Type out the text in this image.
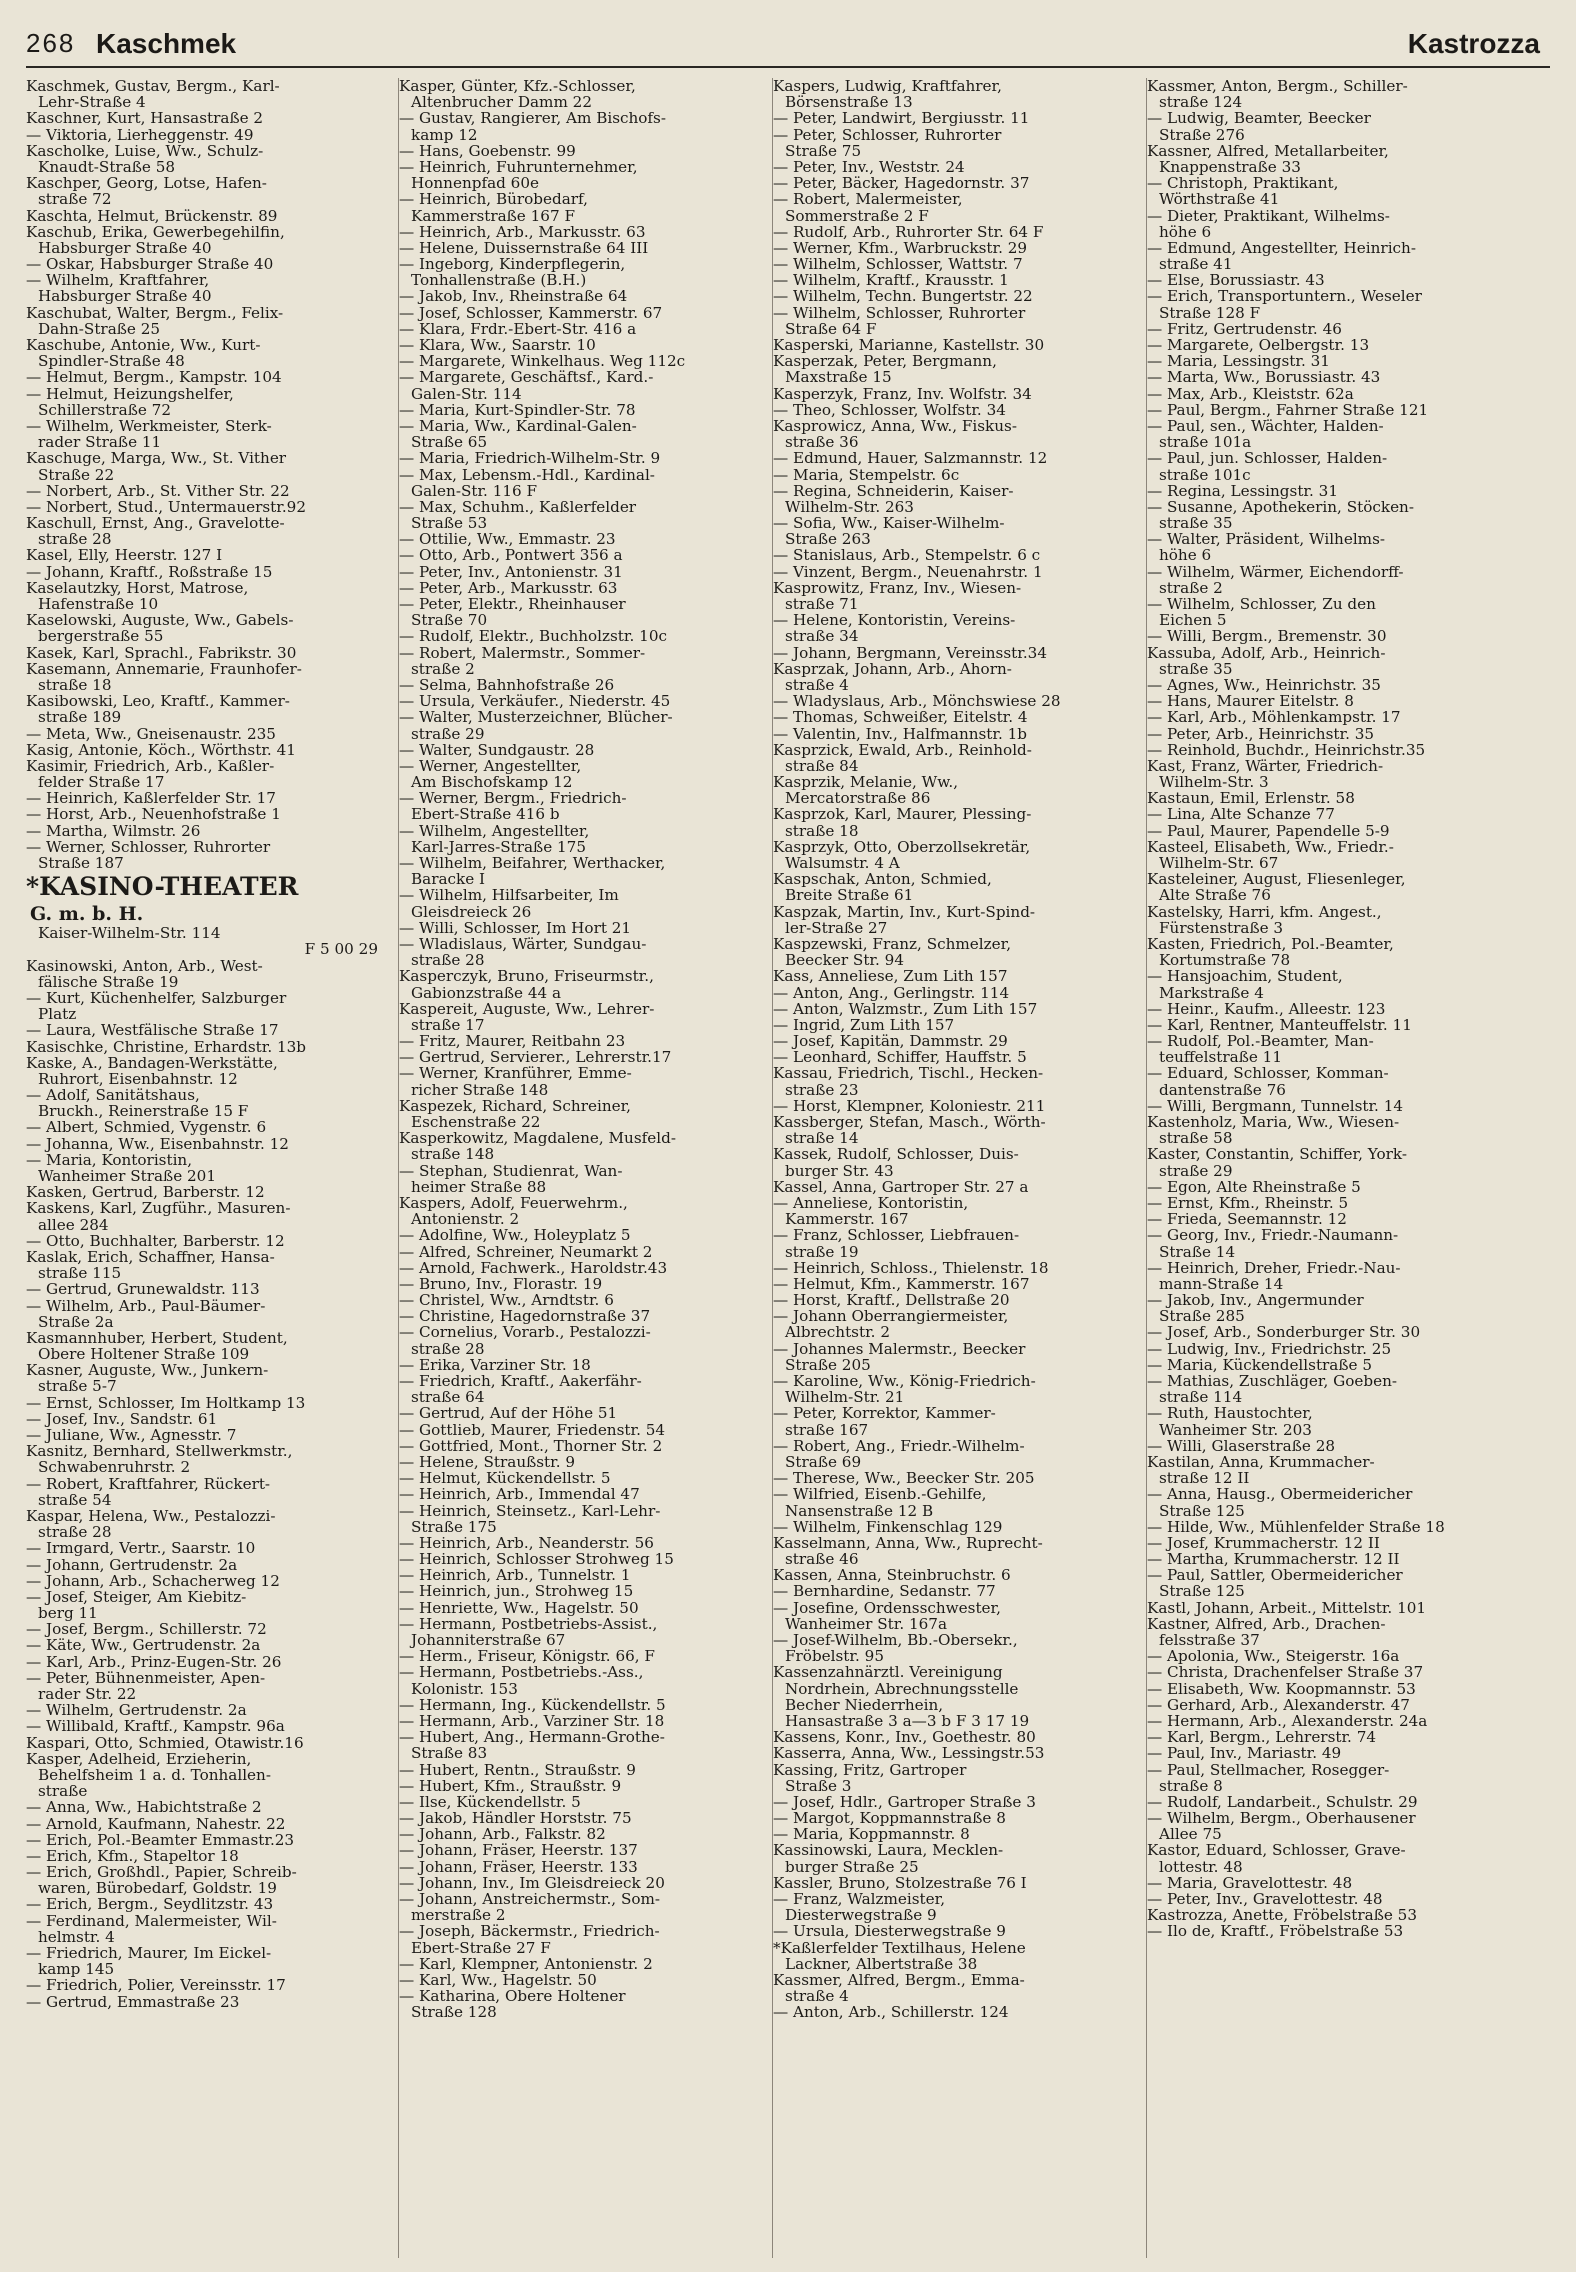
268 Kaschmek	Kastrozza
Kaschmek, Gustav, Bergm., Karl-
Lehr-Straße 4
Kaschner, Kurt, Hansastraße 2
— Viktoria, Lierheggenstr. 49
Kascholke, Luise, Ww., Schulz-
Knaudt-Straße 58
Kaschper, Georg, Lotse, Hafen-
straße 72
Kaschta, Helmut, Brückenstr. 89
Kaschub, Erika, Gewerbegehilfin,
Habsburger Straße 40
— Oskar, Habsburger Straße 40
— Wilhelm, Kraftfahrer,
Habsburger Straße 40
Kaschubat, Walter, Bergm., Felix-
Dahn-Straße 25
Kaschube, Antonie, Ww., Kurt-
Spindler-Straße 48
— Helmut, Bergm., Kampstr. 104
— Helmut, Heizungshelfer,
Schillerstraße 72
— Wilhelm, Werkmeister, Sterk-
rader Straße 11
Kaschuge, Marga, Ww., St. Vither
Straße 22
— Norbert, Arb., St. Vither Str. 22
— Norbert, Stud., Untermauerstr.92
Kaschull, Ernst, Ang., Gravelotte-
straße 28
Kasel, Elly, Heerstr. 127 I
— Johann, Kraftf., Roßstraße 15
Kaselautzky, Horst, Matrose,
Hafenstraße 10
Kaselowski, Auguste, Ww., Gabels-
bergerstraße 55
Kasek, Karl, Sprachl., Fabrikstr. 30
Kasemann, Annemarie, Fraunhofer-
straße 18
Kasibowski, Leo, Kraftf., Kammer-
straße 189
— Meta, Ww., Gneisenaustr. 235
Kasig, Antonie, Köch., Wörthstr. 41
Kasimir, Friedrich, Arb., Kaßler-
felder Straße 17
— Heinrich, Kaßlerfelder Str. 17
— Horst, Arb., Neuenhofstraße 1
— Martha, Wilmstr. 26
— Werner, Schlosser, Ruhrorter
Straße 187
*KASINO-THEATER
G. m. b. H.
Kaiser-Wilhelm-Str. 114
F 5 00 29
Kasinowski, Anton, Arb., West-
fälische Straße 19
— Kurt, Küchenhelfer, Salzburger
Platz
— Laura, Westfälische Straße 17
Kasischke, Christine, Erhardstr. 13b
Kaske, A., Bandagen-Werkstätte,
Ruhrort, Eisenbahnstr. 12
— Adolf, Sanitätshaus,
Bruckh., Reinerstraße 15 F
— Albert, Schmied, Vygenstr. 6
— Johanna, Ww., Eisenbahnstr. 12
— Maria, Kontoristin,
Wanheimer Straße 201
Kasken, Gertrud, Barberstr. 12
Kaskens, Karl, Zugführ., Masuren-
allee 284
— Otto, Buchhalter, Barberstr. 12
Kaslak, Erich, Schaffner, Hansa-
straße 115
— Gertrud, Grunewaldstr. 113
— Wilhelm, Arb., Paul-Bäumer-
Straße 2a
Kasmannhuber, Herbert, Student,
Obere Holtener Straße 109
Kasner, Auguste, Ww., Junkern-
straße 5-7
— Ernst, Schlosser, Im Holtkamp 13
— Josef, Inv., Sandstr. 61
— Juliane, Ww., Agnesstr. 7
Kasnitz, Bernhard, Stellwerkmstr.,
Schwabenruhrstr. 2
— Robert, Kraftfahrer, Rückert-
straße 54
Kaspar, Helena, Ww., Pestalozzi-
straße 28
— Irmgard, Vertr., Saarstr. 10
— Johann, Gertrudenstr. 2a
— Johann, Arb., Schacherweg 12
— Josef, Steiger, Am Kiebitz-
berg 11
— Josef, Bergm., Schillerstr. 72
— Käte, Ww., Gertrudenstr. 2a
— Karl, Arb., Prinz-Eugen-Str. 26
— Peter, Bühnenmeister, Apen-
rader Str. 22
— Wilhelm, Gertrudenstr. 2a
— Willibald, Kraftf., Kampstr. 96a
Kaspari, Otto, Schmied, Otawistr.16
Kasper, Adelheid, Erzieherin,
Behelfsheim 1 a. d. Tonhallen-
straße
— Anna, Ww., Habichtstraße 2
— Arnold, Kaufmann, Nahestr. 22
— Erich, Pol.-Beamter Emmastr.23
— Erich, Kfm., Stapeltor 18
— Erich, Großhdl., Papier, Schreib-
waren, Bürobedarf, Goldstr. 19
— Erich, Bergm., Seydlitzstr. 43
— Ferdinand, Malermeister, Wil-
helmstr. 4
— Friedrich, Maurer, Im Eickel-
kamp 145
— Friedrich, Polier, Vereinsstr. 17
— Gertrud, Emmastraße 23
Kasper, Günter, Kfz.-Schlosser,
Altenbrucher Damm 22
— Gustav, Rangierer, Am Bischofs-
kamp 12
— Hans, Goebenstr. 99
— Heinrich, Fuhrunternehmer,
Honnenpfad 60e
— Heinrich, Bürobedarf,
Kammerstraße 167 F
— Heinrich, Arb., Markusstr. 63
— Helene, Duissernstraße 64 III
— Ingeborg, Kinderpflegerin,
Tonhallenstraße (B.H.)
— Jakob, Inv., Rheinstraße 64
— Josef, Schlosser, Kammerstr. 67
— Klara, Frdr.-Ebert-Str. 416 a
— Klara, Ww., Saarstr. 10
— Margarete, Winkelhaus. Weg 112c
— Margarete, Geschäftsf., Kard.-
Galen-Str. 114
— Maria, Kurt-Spindler-Str. 78
— Maria, Ww., Kardinal-Galen-
Straße 65
— Maria, Friedrich-Wilhelm-Str. 9
— Max, Lebensm.-Hdl., Kardinal-
Galen-Str. 116 F
— Max, Schuhm., Kaßlerfelder
Straße 53
— Ottilie, Ww., Emmastr. 23
— Otto, Arb., Pontwert 356 a
— Peter, Inv., Antonienstr. 31
— Peter, Arb., Markusstr. 63
— Peter, Elektr., Rheinhauser
Straße 70
— Rudolf, Elektr., Buchholzstr. 10c
— Robert, Malermstr., Sommer-
straße 2
— Selma, Bahnhofstraße 26
— Ursula, Verkäufer., Niederstr. 45
— Walter, Musterzeichner, Blücher-
straße 29
— Walter, Sundgaustr. 28
— Werner, Angestellter,
Am Bischofskamp 12
— Werner, Bergm., Friedrich-
Ebert-Straße 416 b
— Wilhelm, Angestellter,
Karl-Jarres-Straße 175
— Wilhelm, Beifahrer, Werthacker,
Baracke I
— Wilhelm, Hilfsarbeiter, Im
Gleisdreieck 26
— Willi, Schlosser, Im Hort 21
— Wladislaus, Wärter, Sundgau-
straße 28
Kasperczyk, Bruno, Friseurmstr.,
Gabionzstraße 44 a
Kaspereit, Auguste, Ww., Lehrer-
straße 17
— Fritz, Maurer, Reitbahn 23
— Gertrud, Servierer., Lehrerstr.17
— Werner, Kranführer, Emme-
richer Straße 148
Kaspezek, Richard, Schreiner,
Eschenstraße 22
Kasperkowitz, Magdalene, Musfeld-
straße 148
— Stephan, Studienrat, Wan-
heimer Straße 88
Kaspers, Adolf, Feuerwehrm.,
Antonienstr. 2
— Adolfine, Ww., Holeyplatz 5
— Alfred, Schreiner, Neumarkt 2
— Arnold, Fachwerk., Haroldstr.43
— Bruno, Inv., Florastr. 19
— Christel, Ww., Arndtstr. 6
— Christine, Hagedornstraße 37
— Cornelius, Vorarb., Pestalozzi-
straße 28
— Erika, Varziner Str. 18
— Friedrich, Kraftf., Aakerfähr-
straße 64
— Gertrud, Auf der Höhe 51
— Gottlieb, Maurer, Friedenstr. 54
— Gottfried, Mont., Thorner Str. 2
— Helene, Straußstr. 9
— Helmut, Kückendellstr. 5
— Heinrich, Arb., Immendal 47
— Heinrich, Steinsetz., Karl-Lehr-
Straße 175
— Heinrich, Arb., Neanderstr. 56
— Heinrich, Schlosser Strohweg 15
— Heinrich, Arb., Tunnelstr. 1
— Heinrich, jun., Strohweg 15
— Henriette, Ww., Hagelstr. 50
— Hermann, Postbetriebs-Assist.,
Johanniterstraße 67
— Herm., Friseur, Königstr. 66, F
— Hermann, Postbetriebs.-Ass.,
Kolonistr. 153
— Hermann, Ing., Kückendellstr. 5
— Hermann, Arb., Varziner Str. 18
— Hubert, Ang., Hermann-Grothe-
Straße 83
— Hubert, Rentn., Straußstr. 9
— Hubert, Kfm., Straußstr. 9
— Ilse, Kückendellstr. 5
— Jakob, Händler Horststr. 75
— Johann, Arb., Falkstr. 82
— Johann, Fräser, Heerstr. 137
— Johann, Fräser, Heerstr. 133
— Johann, Inv., Im Gleisdreieck 20
— Johann, Anstreichermstr., Som-
merstraße 2
— Joseph, Bäckermstr., Friedrich-
Ebert-Straße 27 F
— Karl, Klempner, Antonienstr. 2
— Karl, Ww., Hagelstr. 50
— Katharina, Obere Holtener
Straße 128
Kaspers, Ludwig, Kraftfahrer,
Börsenstraße 13
— Peter, Landwirt, Bergiusstr. 11
— Peter, Schlosser, Ruhrorter
Straße 75
— Peter, Inv., Weststr. 24
— Peter, Bäcker, Hagedornstr. 37
— Robert, Malermeister,
Sommerstraße 2 F
— Rudolf, Arb., Ruhrorter Str. 64 F
— Werner, Kfm., Warbruckstr. 29
— Wilhelm, Schlosser, Wattstr. 7
— Wilhelm, Kraftf., Krausstr. 1
— Wilhelm, Techn. Bungertstr. 22
— Wilhelm, Schlosser, Ruhrorter
Straße 64 F
Kasperski, Marianne, Kastellstr. 30
Kasperzak, Peter, Bergmann,
Maxstraße 15
Kasperzyk, Franz, Inv. Wolfstr. 34
— Theo, Schlosser, Wolfstr. 34
Kasprowicz, Anna, Ww., Fiskus-
straße 36
— Edmund, Hauer, Salzmannstr. 12
— Maria, Stempelstr. 6c
— Regina, Schneiderin, Kaiser-
Wilhelm-Str. 263
— Sofia, Ww., Kaiser-Wilhelm-
Straße 263
— Stanislaus, Arb., Stempelstr. 6 c
— Vinzent, Bergm., Neuenahrstr. 1
Kasprowitz, Franz, Inv., Wiesen-
straße 71
— Helene, Kontoristin, Vereins-
straße 34
— Johann, Bergmann, Vereinsstr.34
Kasprzak, Johann, Arb., Ahorn-
straße 4
— Wladyslaus, Arb., Mönchswiese 28
— Thomas, Schweißer, Eitelstr. 4
— Valentin, Inv., Halfmannstr. 1b
Kasprzick, Ewald, Arb., Reinhold-
straße 84
Kasprzik, Melanie, Ww.,
Mercatorstraße 86
Kasprzok, Karl, Maurer, Plessing-
straße 18
Kasprzyk, Otto, Oberzollsekretär,
Walsumstr. 4 A
Kaspschak, Anton, Schmied,
Breite Straße 61
Kaspzak, Martin, Inv., Kurt-Spind-
ler-Straße 27
Kaspzewski, Franz, Schmelzer,
Beecker Str. 94
Kass, Anneliese, Zum Lith 157
— Anton, Ang., Gerlingstr. 114
— Anton, Walzmstr., Zum Lith 157
— Ingrid, Zum Lith 157
— Josef, Kapitän, Dammstr. 29
— Leonhard, Schiffer, Hauffstr. 5
Kassau, Friedrich, Tischl., Hecken-
straße 23
— Horst, Klempner, Koloniestr. 211
Kassberger, Stefan, Masch., Wörth-
straße 14
Kassek, Rudolf, Schlosser, Duis-
burger Str. 43
Kassel, Anna, Gartroper Str. 27 a
— Anneliese, Kontoristin,
Kammerstr. 167
— Franz, Schlosser, Liebfrauen-
straße 19
— Heinrich, Schloss., Thielenstr. 18
— Helmut, Kfm., Kammerstr. 167
— Horst, Kraftf., Dellstraße 20
— Johann Oberrangiermeister,
Albrechtstr. 2
— Johannes Malermstr., Beecker
Straße 205
— Karoline, Ww., König-Friedrich-
Wilhelm-Str. 21
— Peter, Korrektor, Kammer-
straße 167
— Robert, Ang., Friedr.-Wilhelm-
Straße 69
— Therese, Ww., Beecker Str. 205
— Wilfried, Eisenb.-Gehilfe,
Nansenstraße 12 B
— Wilhelm, Finkenschlag 129
Kasselmann, Anna, Ww., Ruprecht-
straße 46
Kassen, Anna, Steinbruchstr. 6
— Bernhardine, Sedanstr. 77
— Josefine, Ordensschwester,
Wanheimer Str. 167a
— Josef-Wilhelm, Bb.-Obersekr.,
Fröbelstr. 95
Kassenzahnärztl. Vereinigung
Nordrhein, Abrechnungsstelle
Becher Niederrhein,
Hansastraße 3 a—3 b F 3 17 19
Kassens, Konr., Inv., Goethestr. 80
Kasserra, Anna, Ww., Lessingstr.53
Kassing, Fritz, Gartroper
Straße 3
— Josef, Hdlr., Gartroper Straße 3
— Margot, Koppmannstraße 8
— Maria, Koppmannstr. 8
Kassinowski, Laura, Mecklen-
burger Straße 25
Kassler, Bruno, Stolzestraße 76 I
— Franz, Walzmeister,
Diesterwegstraße 9
— Ursula, Diesterwegstraße 9
*Kaßlerfelder Textilhaus, Helene
Lackner, Albertstraße 38
Kassmer, Alfred, Bergm., Emma-
straße 4
— Anton, Arb., Schillerstr. 124
Kassmer, Anton, Bergm., Schiller-
straße 124
— Ludwig, Beamter, Beecker
Straße 276
Kassner, Alfred, Metallarbeiter,
Knappenstraße 33
— Christoph, Praktikant,
Wörthstraße 41
— Dieter, Praktikant, Wilhelms-
höhe 6
— Edmund, Angestellter, Heinrich-
straße 41
— Else, Borussiastr. 43
— Erich, Transportuntern., Weseler
Straße 128 F
— Fritz, Gertrudenstr. 46
— Margarete, Oelbergstr. 13
— Maria, Lessingstr. 31
— Marta, Ww., Borussiastr. 43
— Max, Arb., Kleiststr. 62a
— Paul, Bergm., Fahrner Straße 121
— Paul, sen., Wächter, Halden-
straße 101a
— Paul, jun. Schlosser, Halden-
straße 101c
— Regina, Lessingstr. 31
— Susanne, Apothekerin, Stöcken-
straße 35
— Walter, Präsident, Wilhelms-
höhe 6
— Wilhelm, Wärmer, Eichendorff-
straße 2
— Wilhelm, Schlosser, Zu den
Eichen 5
— Willi, Bergm., Bremenstr. 30
Kassuba, Adolf, Arb., Heinrich-
straße 35
— Agnes, Ww., Heinrichstr. 35
— Hans, Maurer Eitelstr. 8
— Karl, Arb., Möhlenkampstr. 17
— Peter, Arb., Heinrichstr. 35
— Reinhold, Buchdr., Heinrichstr.35
Kast, Franz, Wärter, Friedrich-
Wilhelm-Str. 3
Kastaun, Emil, Erlenstr. 58
— Lina, Alte Schanze 77
— Paul, Maurer, Papendelle 5-9
Kasteel, Elisabeth, Ww., Friedr.-
Wilhelm-Str. 67
Kasteleiner, August, Fliesenleger,
Alte Straße 76
Kastelsky, Harri, kfm. Angest.,
Fürstenstraße 3
Kasten, Friedrich, Pol.-Beamter,
Kortumstraße 78
— Hansjoachim, Student,
Markstraße 4
— Heinr., Kaufm., Alleestr. 123
— Karl, Rentner, Manteuffelstr. 11
— Rudolf, Pol.-Beamter, Man-
teuffelstraße 11
— Eduard, Schlosser, Komman-
dantenstraße 76
— Willi, Bergmann, Tunnelstr. 14
Kastenholz, Maria, Ww., Wiesen-
straße 58
Kaster, Constantin, Schiffer, York-
straße 29
— Egon, Alte Rheinstraße 5
— Ernst, Kfm., Rheinstr. 5
— Frieda, Seemannstr. 12
— Georg, Inv., Friedr.-Naumann-
Straße 14
— Heinrich, Dreher, Friedr.-Nau-
mann-Straße 14
— Jakob, Inv., Angermunder
Straße 285
— Josef, Arb., Sonderburger Str. 30
— Ludwig, Inv., Friedrichstr. 25
— Maria, Kückendellstraße 5
— Mathias, Zuschläger, Goeben-
straße 114
— Ruth, Haustochter,
Wanheimer Str. 203
— Willi, Glaserstraße 28
Kastilan, Anna, Krummacher-
straße 12 II
— Anna, Hausg., Obermeidericher
Straße 125
— Hilde, Ww., Mühlenfelder Straße 18
— Josef, Krummacherstr. 12 II
— Martha, Krummacherstr. 12 II
— Paul, Sattler, Obermeidericher
Straße 125
Kastl, Johann, Arbeit., Mittelstr. 101
Kastner, Alfred, Arb., Drachen-
felsstraße 37
— Apolonia, Ww., Steigerstr. 16a
— Christa, Drachenfelser Straße 37
— Elisabeth, Ww. Koopmannstr. 53
— Gerhard, Arb., Alexanderstr. 47
— Hermann, Arb., Alexanderstr. 24a
— Karl, Bergm., Lehrerstr. 74
— Paul, Inv., Mariastr. 49
— Paul, Stellmacher, Rosegger-
straße 8
— Rudolf, Landarbeit., Schulstr. 29
— Wilhelm, Bergm., Oberhausener
Allee 75
Kastor, Eduard, Schlosser, Grave-
lottestr. 48
— Maria, Gravelottestr. 48
— Peter, Inv., Gravelottestr. 48
Kastrozza, Anette, Fröbelstraße 53
— Ilo de, Kraftf., Fröbelstraße 53
